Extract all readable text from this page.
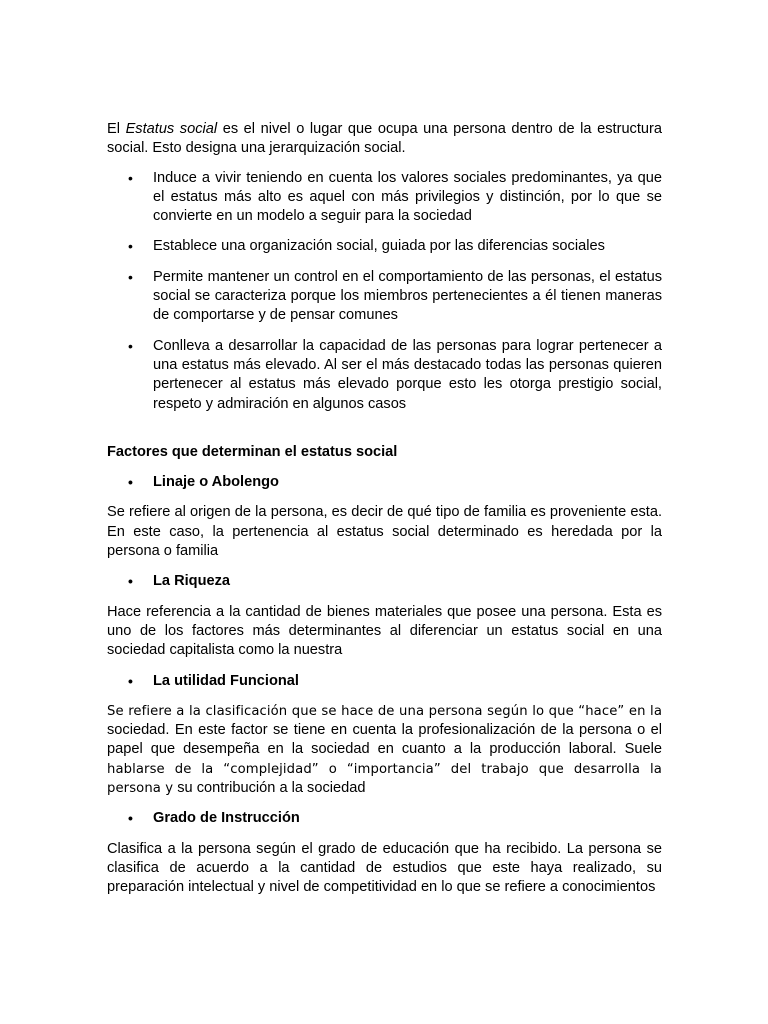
El Estatus social es el nivel o lugar que ocupa una persona dentro de la estructura social. Esto designa una jerarquización social.

• Induce a vivir teniendo en cuenta los valores sociales predominantes, ya que el estatus más alto es aquel con más privilegios y distinción, por lo que se convierte en un modelo a seguir para la sociedad
• Establece una organización social, guiada por las diferencias sociales
• Permite mantener un control en el comportamiento de las personas, el estatus social se caracteriza porque los miembros pertenecientes a él tienen maneras de comportarse y de pensar comunes
• Conlleva a desarrollar la capacidad de las personas para lograr pertenecer a una estatus más elevado. Al ser el más destacado todas las personas quieren pertenecer al estatus más elevado porque esto les otorga prestigio social, respeto y admiración en algunos casos

Factores que determinan el estatus social

• Linaje o Abolengo

Se refiere al origen de la persona, es decir de qué tipo de familia es proveniente esta. En este caso, la pertenencia al estatus social determinado es heredada por la persona o familia

• La Riqueza

Hace referencia a la cantidad de bienes materiales que posee una persona. Esta es uno de los factores más determinantes al diferenciar un estatus social en una sociedad capitalista como la nuestra

• La utilidad Funcional

Se refiere a la clasificación que se hace de una persona según lo que “hace” en la sociedad. En este factor se tiene en cuenta la profesionalización de la persona o el papel que desempeña en la sociedad en cuanto a la producción laboral. Suele hablarse de la “complejidad” o “importancia” del trabajo que desarrolla la persona y su contribución a la sociedad

• Grado de Instrucción

Clasifica a la persona según el grado de educación que ha recibido. La persona se clasifica de acuerdo a la cantidad de estudios que este haya realizado, su preparación intelectual y nivel de competitividad en lo que se refiere a conocimientos
